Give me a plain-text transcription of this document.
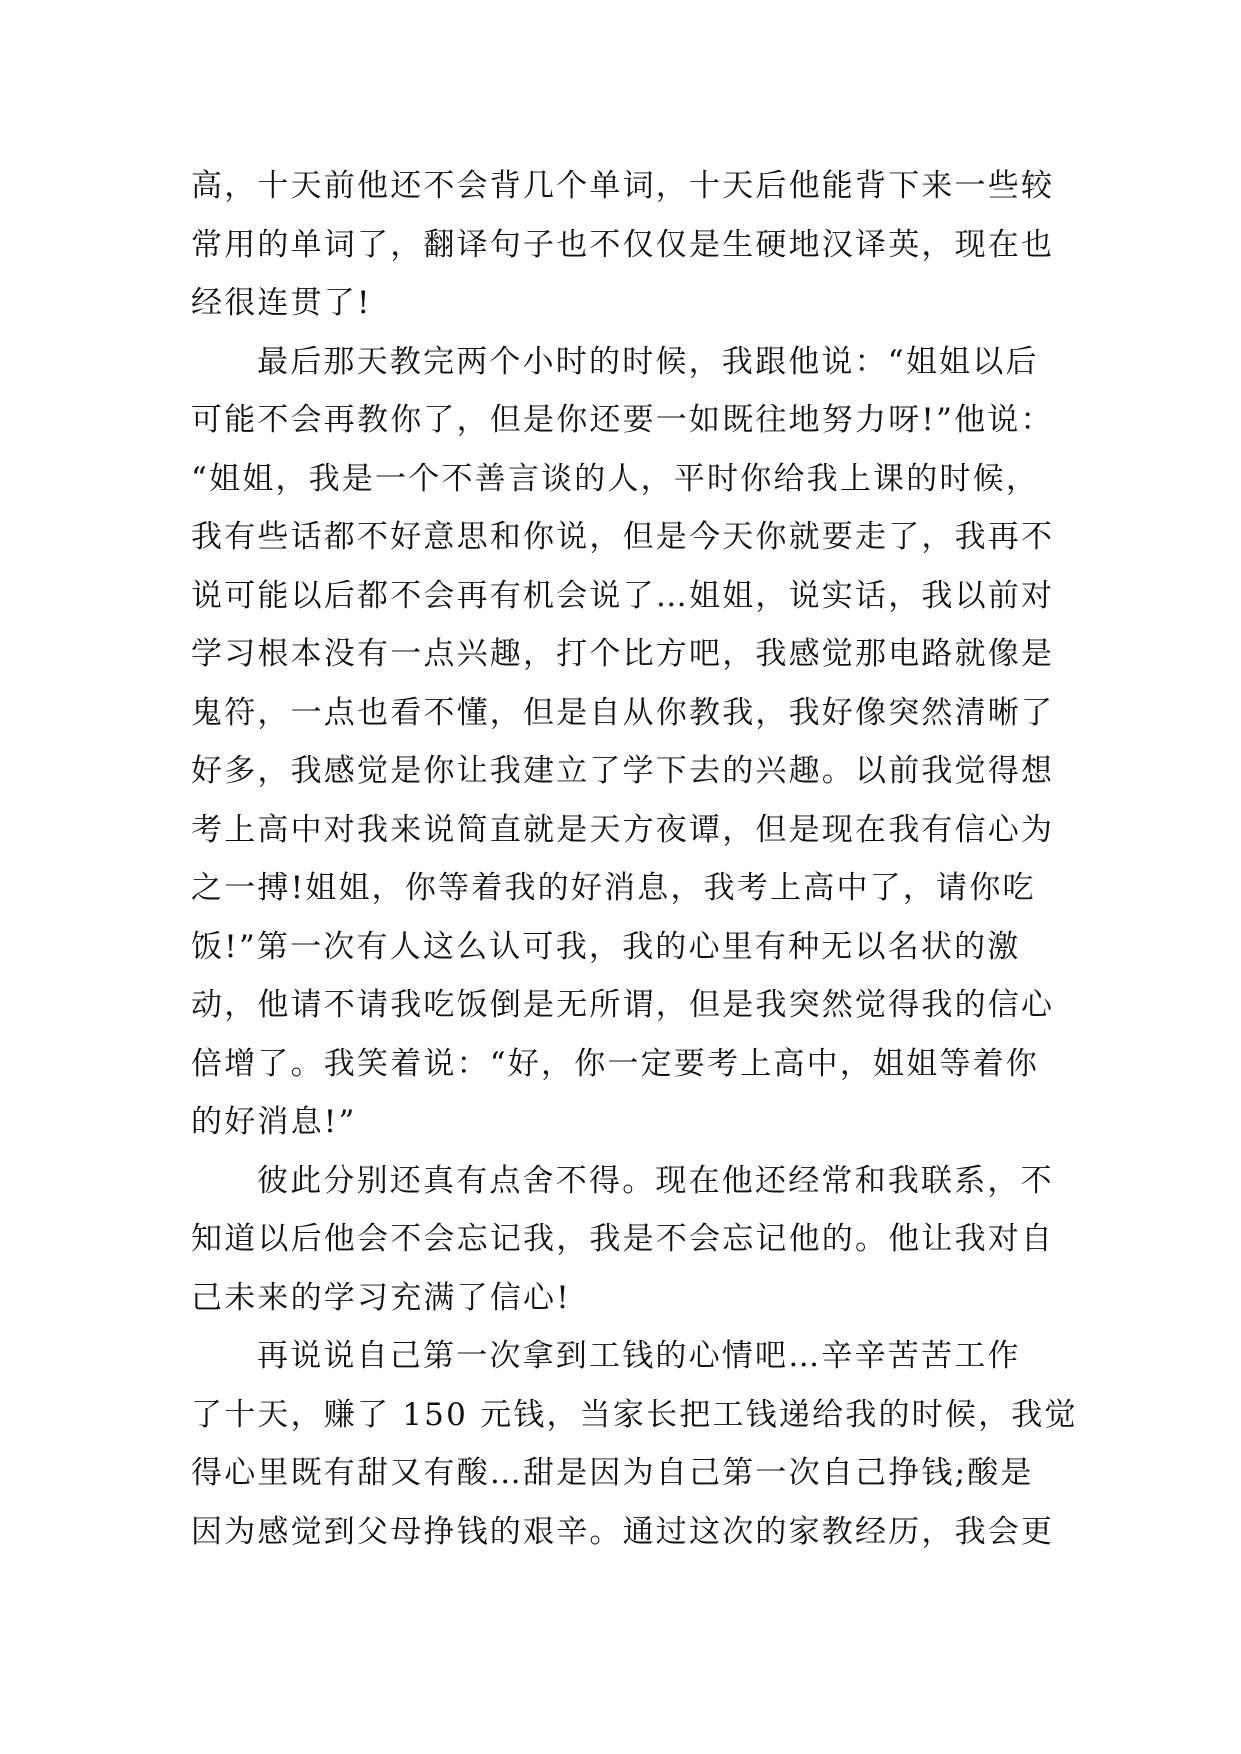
高，十天前他还不会背几个单词，十天后他能背下来一些较
常用的单词了，翻译句子也不仅仅是生硬地汉译英，现在也
经很连贯了!
最后那天教完两个小时的时候，我跟他说：“姐姐以后
可能不会再教你了，但是你还要一如既往地努力呀!”他说：
“姐姐，我是一个不善言谈的人，平时你给我上课的时候，
我有些话都不好意思和你说，但是今天你就要走了，我再不
说可能以后都不会再有机会说了…姐姐，说实话，我以前对
学习根本没有一点兴趣，打个比方吧，我感觉那电路就像是
鬼符，一点也看不懂，但是自从你教我，我好像突然清晰了
好多，我感觉是你让我建立了学下去的兴趣。以前我觉得想
考上高中对我来说简直就是天方夜谭，但是现在我有信心为
之一搏!姐姐，你等着我的好消息，我考上高中了，请你吃
饭!”第一次有人这么认可我，我的心里有种无以名状的激
动，他请不请我吃饭倒是无所谓，但是我突然觉得我的信心
倍增了。我笑着说：“好，你一定要考上高中，姐姐等着你
的好消息!”
彼此分别还真有点舍不得。现在他还经常和我联系，不
知道以后他会不会忘记我，我是不会忘记他的。他让我对自
己未来的学习充满了信心!
再说说自己第一次拿到工钱的心情吧…辛辛苦苦工作
了十天，赚了 150 元钱，当家长把工钱递给我的时候，我觉
得心里既有甜又有酸…甜是因为自己第一次自己挣钱;酸是
因为感觉到父母挣钱的艰辛。通过这次的家教经历，我会更
